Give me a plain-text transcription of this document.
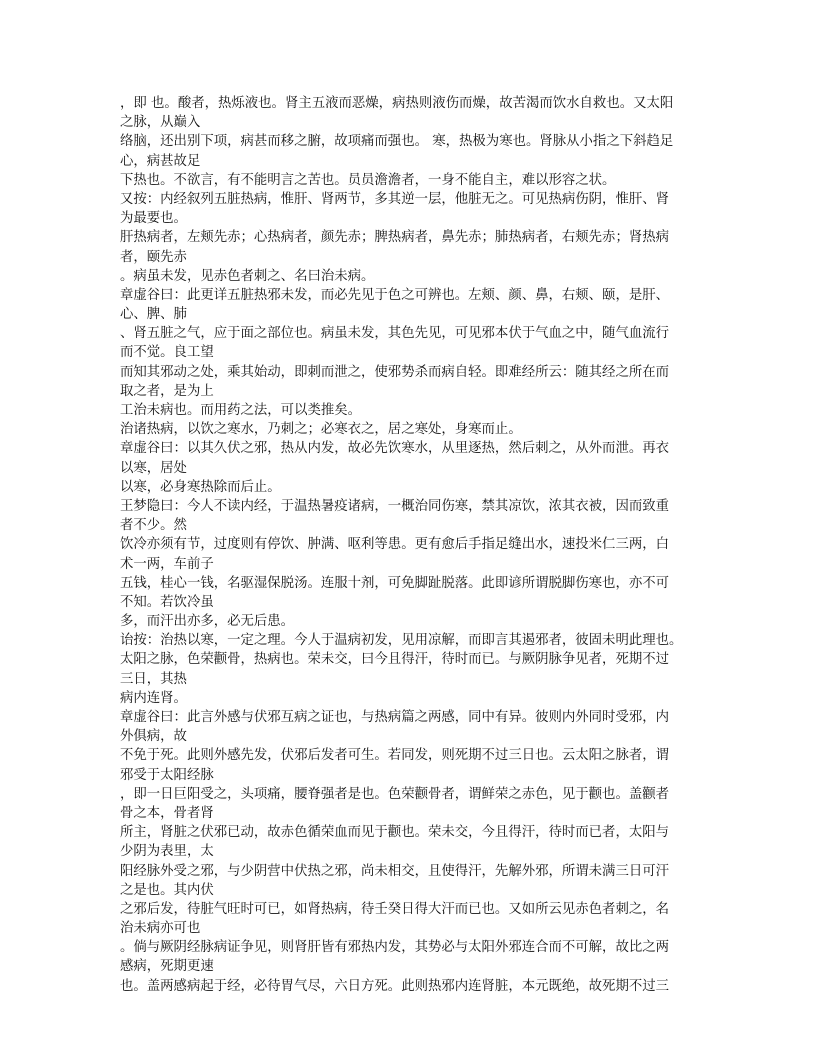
，即 也。酸者，热烁液也。肾主五液而恶燥，病热则液伤而燥，故苦渴而饮水自救也。又太阳

之脉，从巅入

络脑，还出别下项，病甚而移之腑，故项痛而强也。 寒，热极为寒也。肾脉从小指之下斜趋足

心，病甚故足

下热也。不欲言，有不能明言之苦也。员员澹澹者，一身不能自主，难以形容之状。

又按：内经叙列五脏热病，惟肝、肾两节，多其逆一层，他脏无之。可见热病伤阴，惟肝、肾

为最要也。

肝热病者，左颊先赤；心热病者，颜先赤；脾热病者，鼻先赤；肺热病者，右颊先赤；肾热病

者，颐先赤

。病虽未发，见赤色者刺之、名曰治未病。

章虚谷曰：此更详五脏热邪未发，而必先见于色之可辨也。左颊、颜、鼻，右颊、颐，是肝、

心、脾、肺

、肾五脏之气，应于面之部位也。病虽未发，其色先见，可见邪本伏于气血之中，随气血流行

而不觉。良工望

而知其邪动之处，乘其始动，即刺而泄之，使邪势杀而病自轻。即难经所云：随其经之所在而

取之者，是为上

工治未病也。而用药之法，可以类推矣。

治诸热病，以饮之寒水，乃刺之；必寒衣之，居之寒处，身寒而止。

章虚谷曰：以其久伏之邪，热从内发，故必先饮寒水，从里逐热，然后刺之，从外而泄。再衣

以寒，居处

以寒，必身寒热除而后止。

王梦隐曰：今人不读内经，于温热暑疫诸病，一概治同伤寒，禁其凉饮，浓其衣被，因而致重

者不少。然

饮冷亦须有节，过度则有停饮、肿满、呕利等患。更有愈后手指足缝出水，速投米仁三两，白

术一两，车前子

五钱，桂心一钱，名驱湿保脱汤。连服十剂，可免脚趾脱落。此即谚所谓脱脚伤寒也，亦不可

不知。若饮冷虽

多，而汗出亦多，必无后患。

诒按：治热以寒，一定之理。今人于温病初发，见用凉解，而即言其遏邪者，彼固未明此理也。

太阳之脉，色荣颧骨，热病也。荣未交，曰今且得汗，待时而已。与厥阴脉争见者，死期不过

三日，其热

病内连肾。

章虚谷曰：此言外感与伏邪互病之证也，与热病篇之两感，同中有异。彼则内外同时受邪，内

外俱病，故

不免于死。此则外感先发，伏邪后发者可生。若同发，则死期不过三日也。云太阳之脉者，谓

邪受于太阳经脉

，即一日巨阳受之，头项痛，腰脊强者是也。色荣颧骨者，谓鲜荣之赤色，见于颧也。盖颧者

骨之本，骨者肾

所主，肾脏之伏邪已动，故赤色循荣血而见于颧也。荣未交，今且得汗，待时而已者，太阳与

少阴为表里，太

阳经脉外受之邪，与少阴营中伏热之邪，尚未相交，且使得汗，先解外邪，所谓未满三日可汗

之是也。其内伏

之邪后发，待脏气旺时可已，如肾热病，待壬癸日得大汗而已也。又如所云见赤色者刺之，名

治未病亦可也

。倘与厥阴经脉病证争见，则肾肝皆有邪热内发，其势必与太阳外邪连合而不可解，故比之两

感病，死期更速

也。盖两感病起于经，必待胃气尽，六日方死。此则热邪内连肾脏，本元既绝，故死期不过三
